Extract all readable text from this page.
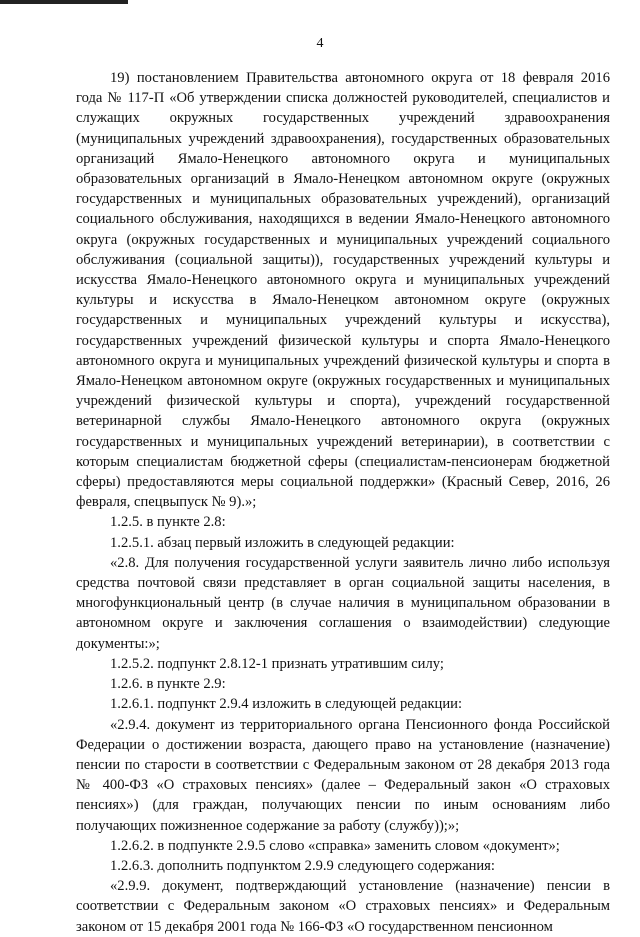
4

19) постановлением Правительства автономного округа от 18 февраля 2016 года № 117-П «Об утверждении списка должностей руководителей, специалистов и служащих окружных государственных учреждений здравоохранения (муниципальных учреждений здравоохранения), государственных образовательных организаций Ямало-Ненецкого автономного округа и муниципальных образовательных организаций в Ямало-Ненецком автономном округе (окружных государственных и муниципальных образовательных учреждений), организаций социального обслуживания, находящихся в ведении Ямало-Ненецкого автономного округа (окружных государственных и муниципальных учреждений социального обслуживания (социальной защиты)), государственных учреждений культуры и искусства Ямало-Ненецкого автономного округа и муниципальных учреждений культуры и искусства в Ямало-Ненецком автономном округе (окружных государственных и муниципальных учреждений культуры и искусства), государственных учреждений физической культуры и спорта Ямало-Ненецкого автономного округа и муниципальных учреждений физической культуры и спорта в Ямало-Ненецком автономном округе (окружных государственных и муниципальных учреждений физической культуры и спорта), учреждений государственной ветеринарной службы Ямало-Ненецкого автономного округа (окружных государственных и муниципальных учреждений ветеринарии), в соответствии с которым специалистам бюджетной сферы (специалистам-пенсионерам бюджетной сферы) предоставляются меры социальной поддержки» (Красный Север, 2016, 26 февраля, спецвыпуск № 9).»;

1.2.5. в пункте 2.8:

1.2.5.1. абзац первый изложить в следующей редакции:

«2.8. Для получения государственной услуги заявитель лично либо используя средства почтовой связи представляет в орган социальной защиты населения, в многофункциональный центр (в случае наличия в муниципальном образовании в автономном округе и заключения соглашения о взаимодействии) следующие документы:»;

1.2.5.2. подпункт 2.8.12-1 признать утратившим силу;

1.2.6. в пункте 2.9:

1.2.6.1. подпункт 2.9.4 изложить в следующей редакции:

«2.9.4. документ из территориального органа Пенсионного фонда Российской Федерации о достижении возраста, дающего право на установление (назначение) пенсии по старости в соответствии с Федеральным законом от 28 декабря 2013 года № 400-ФЗ «О страховых пенсиях» (далее – Федеральный закон «О страховых пенсиях») (для граждан, получающих пенсии по иным основаниям либо получающих пожизненное содержание за работу (службу));»;

1.2.6.2. в подпункте 2.9.5 слово «справка» заменить словом «документ»;

1.2.6.3. дополнить подпунктом 2.9.9 следующего содержания:

«2.9.9. документ, подтверждающий установление (назначение) пенсии в соответствии с Федеральным законом «О страховых пенсиях» и Федеральным законом от 15 декабря 2001 года № 166-ФЗ «О государственном пенсионном
